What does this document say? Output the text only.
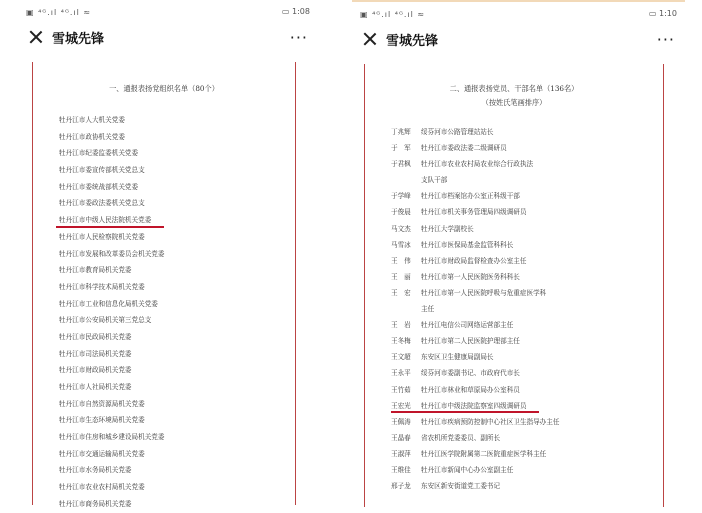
▣ ⁴ᴳ.ıl ⁴ᴳ.ıl ≈	▭ 1:08
雪城先锋	···
一、通报表扬党组织名单（80个）
牡丹江市人大机关党委
牡丹江市政协机关党委
牡丹江市纪委监委机关党委
牡丹江市委宣传部机关党总支
牡丹江市委统战部机关党委
牡丹江市委政法委机关党总支
牡丹江市中级人民法院机关党委
牡丹江市人民检察院机关党委
牡丹江市发展和改革委员会机关党委
牡丹江市教育局机关党委
牡丹江市科学技术局机关党委
牡丹江市工业和信息化局机关党委
牡丹江市公安局机关第三党总支
牡丹江市民政局机关党委
牡丹江市司法局机关党委
牡丹江市财政局机关党委
牡丹江市人社局机关党委
牡丹江市自然资源局机关党委
牡丹江市生态环境局机关党委
牡丹江市住房和城乡建设局机关党委
牡丹江市交通运输局机关党委
牡丹江市水务局机关党委
牡丹江市农业农村局机关党委
牡丹江市商务局机关党委
▣ ⁴ᴳ.ıl ⁴ᴳ.ıl ≈	▭ 1:10
雪城先锋	···
二、通报表扬党员、干部名单（136名）
（按姓氏笔画排序）
丁兆辉 绥芬河市公路管理站站长
于　军 牡丹江市委政法委二级调研员
于君枫 牡丹江市农业农村局农业综合行政执法
支队干部
于学峰 牡丹江市档案馆办公室正科级干部
于俊晨 牡丹江市机关事务管理局四级调研员
马文杰 牡丹江大学副校长
马雪冰 牡丹江市医保局基金监管科科长
王　伟 牡丹江市财政局监督检查办公室主任
王　丽 牡丹江市第一人民医院医务科科长
王　宏 牡丹江市第一人民医院呼吸与危重症医学科
主任
王　岩 牡丹江电信公司网络运营部主任
王冬梅 牡丹江市第二人民医院护理部主任
王文超 东安区卫生健康局副局长
王永平 绥芬河市委副书记、市政府代市长
王竹茹 牡丹江市林业和草原局办公室科员
王宏光 牡丹江市中级法院监察室四级调研员
王佩涛 牡丹江市疾病预防控制中心社区卫生指导办主任
王晶春 省农机所党委委员、副所长
王淑萍 牡丹江医学院附属第二医院重症医学科主任
王维佳 牡丹江市新闻中心办公室副主任
邢子龙 东安区新安街道党工委书记
